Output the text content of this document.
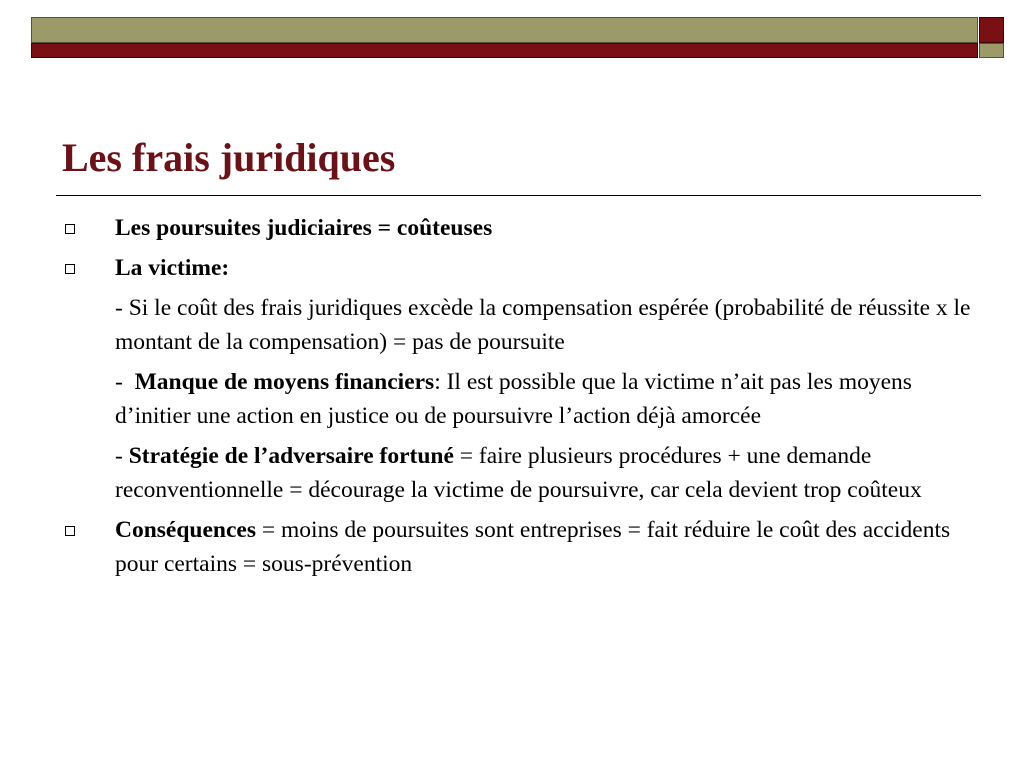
Les frais juridiques
Les poursuites judiciaires = coûteuses
La victime:
- Si le coût des frais juridiques excède la compensation espérée (probabilité de réussite x le montant de la compensation) = pas de poursuite
-  Manque de moyens financiers: Il est possible que la victime n’ait pas les moyens d’initier une action en justice ou de poursuivre l’action déjà amorcée
- Stratégie de l’adversaire fortuné = faire plusieurs procédures + une demande reconventionnelle = décourage la victime de poursuivre, car cela devient trop coûteux
Conséquences = moins de poursuites sont entreprises = fait réduire le coût des accidents pour certains = sous-prévention
